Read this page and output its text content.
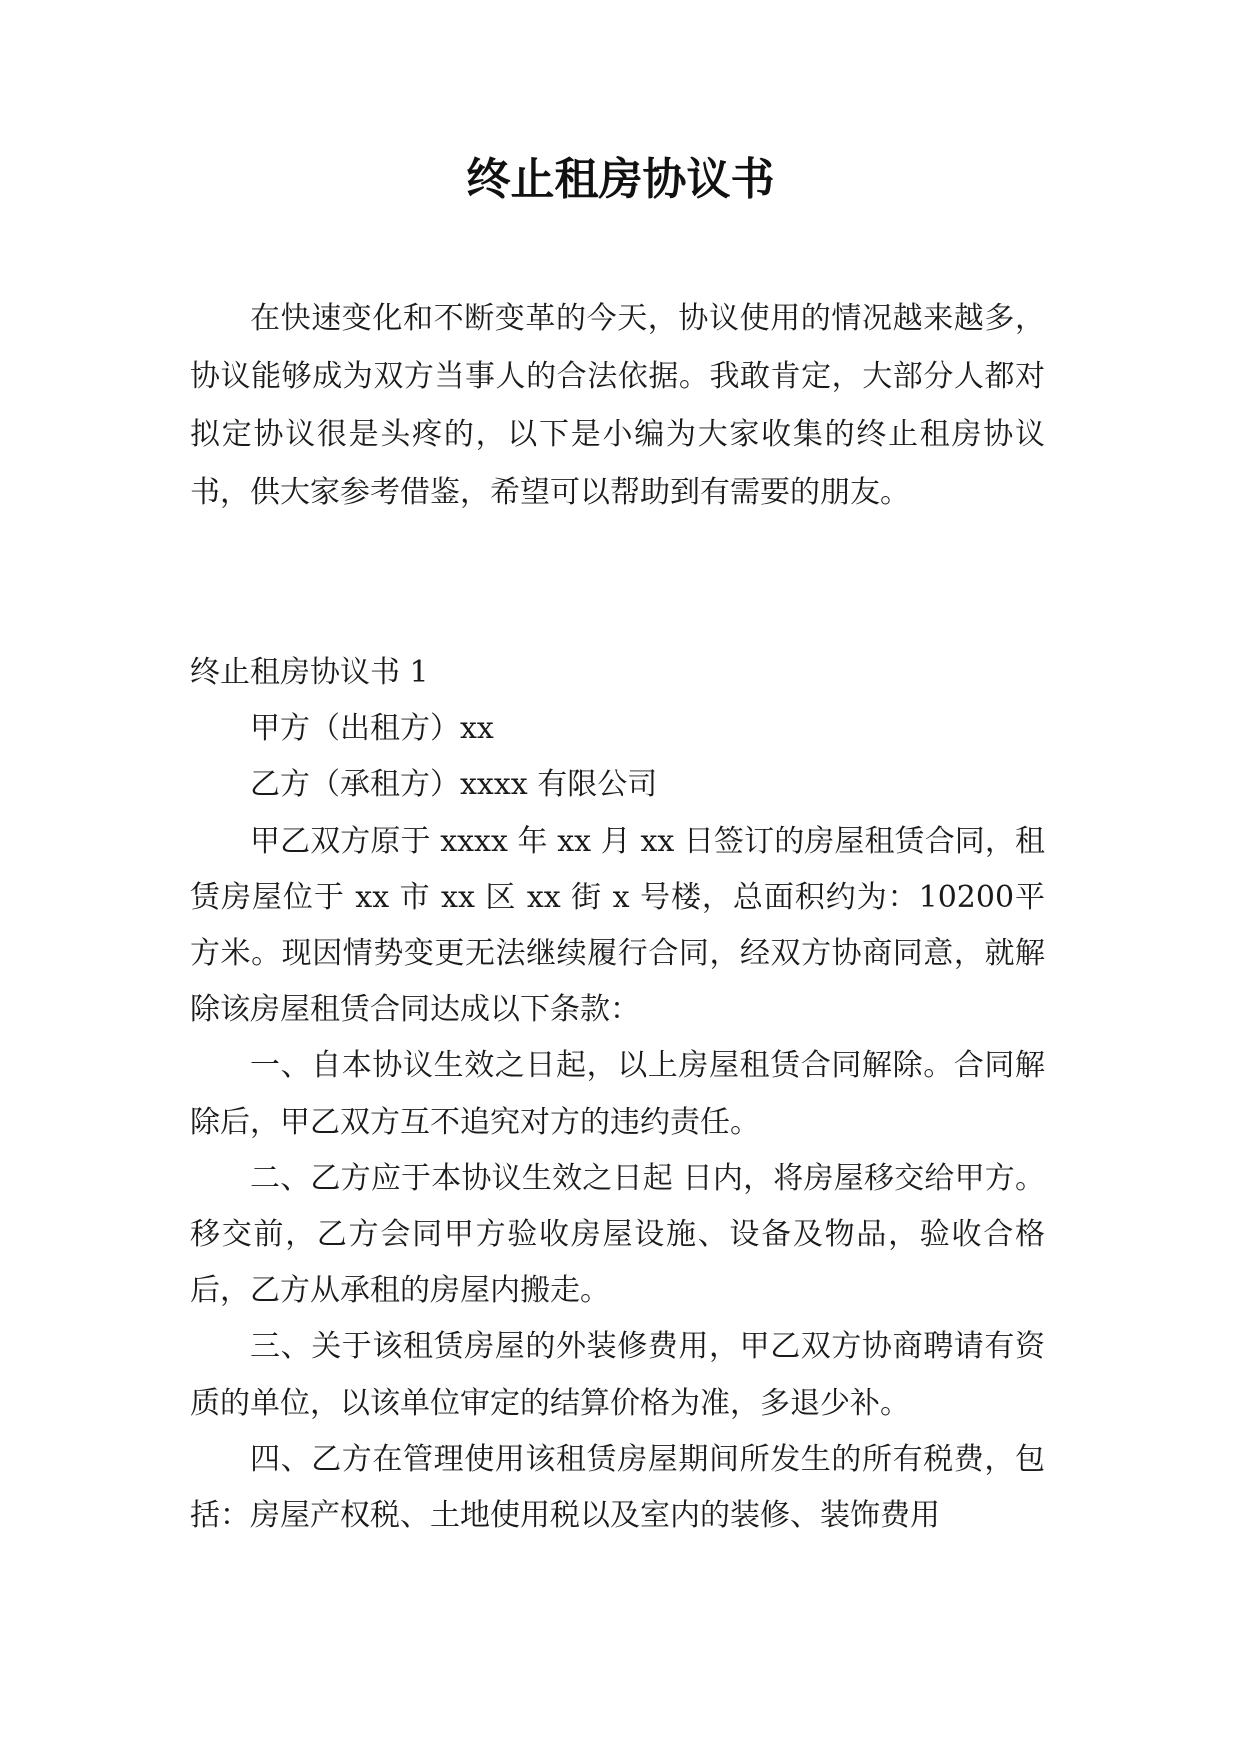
终止租房协议书

在快速变化和不断变革的今天，协议使用的情况越来越多，协议能够成为双方当事人的合法依据。我敢肯定，大部分人都对拟定协议很是头疼的，以下是小编为大家收集的终止租房协议书，供大家参考借鉴，希望可以帮助到有需要的朋友。

终止租房协议书 1

甲方（出租方）xx

乙方（承租方）xxxx 有限公司

甲乙双方原于 xxxx 年 xx 月 xx 日签订的房屋租赁合同，租赁房屋位于 xx 市 xx 区 xx 街 x 号楼，总面积约为：10200平方米。现因情势变更无法继续履行合同，经双方协商同意，就解除该房屋租赁合同达成以下条款：

一、自本协议生效之日起，以上房屋租赁合同解除。合同解除后，甲乙双方互不追究对方的违约责任。

二、乙方应于本协议生效之日起 日内，将房屋移交给甲方。移交前，乙方会同甲方验收房屋设施、设备及物品，验收合格后，乙方从承租的房屋内搬走。

三、关于该租赁房屋的外装修费用，甲乙双方协商聘请有资质的单位，以该单位审定的结算价格为准，多退少补。

四、乙方在管理使用该租赁房屋期间所发生的所有税费，包括：房屋产权税、土地使用税以及室内的装修、装饰费用
